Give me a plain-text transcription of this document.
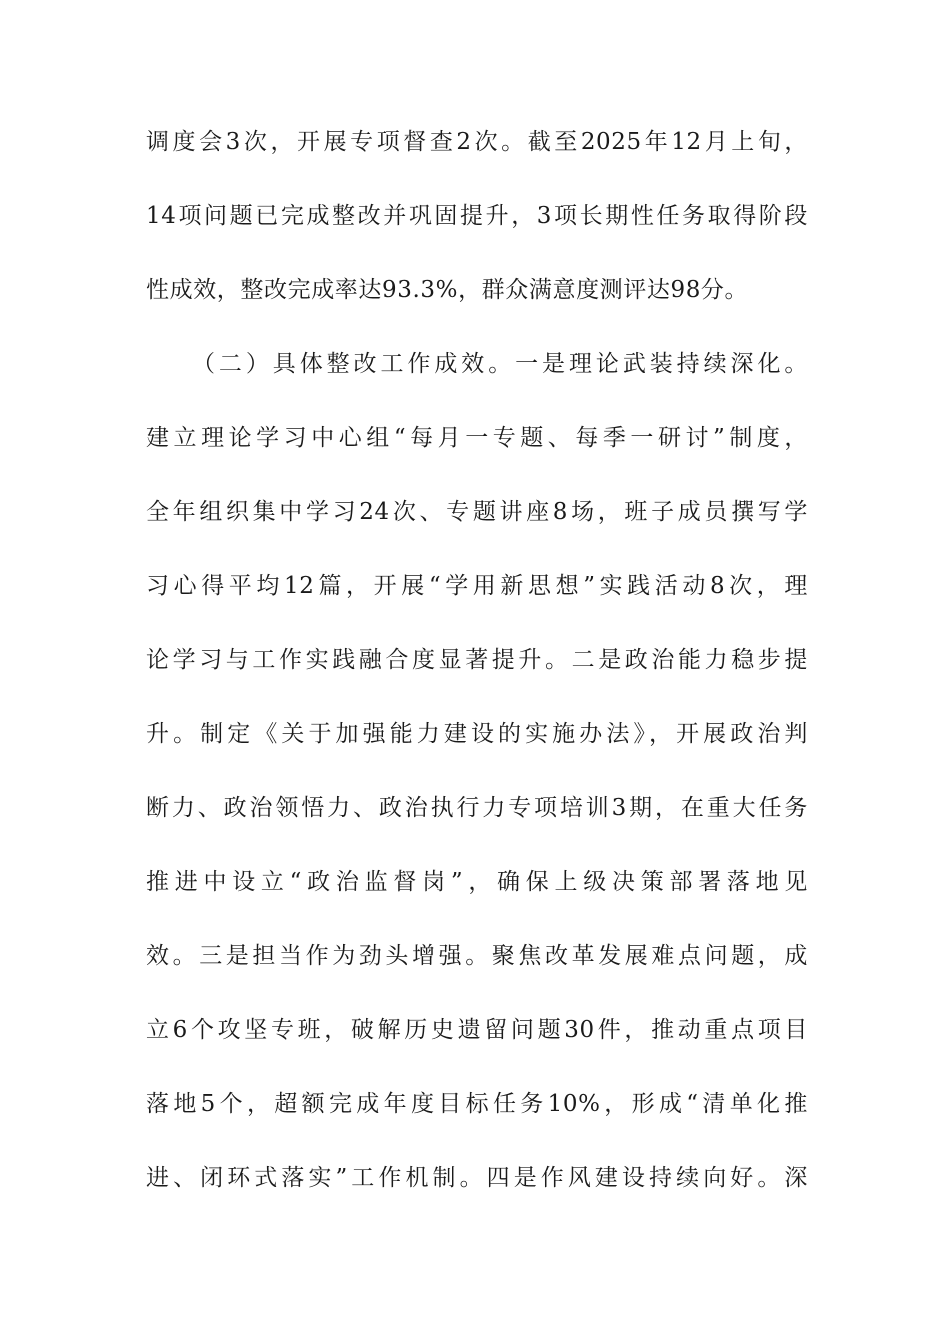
调度会3次，开展专项督查2次。截至2025年12月上旬，
14项问题已完成整改并巩固提升，3项长期性任务取得阶段
性成效，整改完成率达93.3%，群众满意度测评达98分。
（二）具体整改工作成效。一是理论武装持续深化。
建立理论学习中心组“每月一专题、每季一研讨”制度，
全年组织集中学习24次、专题讲座8场，班子成员撰写学
习心得平均12篇，开展“学用新思想”实践活动8次，理
论学习与工作实践融合度显著提升。二是政治能力稳步提
升。制定《关于加强能力建设的实施办法》，开展政治判
断力、政治领悟力、政治执行力专项培训3期，在重大任务
推进中设立“政治监督岗”，确保上级决策部署落地见
效。三是担当作为劲头增强。聚焦改革发展难点问题，成
立6个攻坚专班，破解历史遗留问题30件，推动重点项目
落地5个，超额完成年度目标任务10%，形成“清单化推
进、闭环式落实”工作机制。四是作风建设持续向好。深
